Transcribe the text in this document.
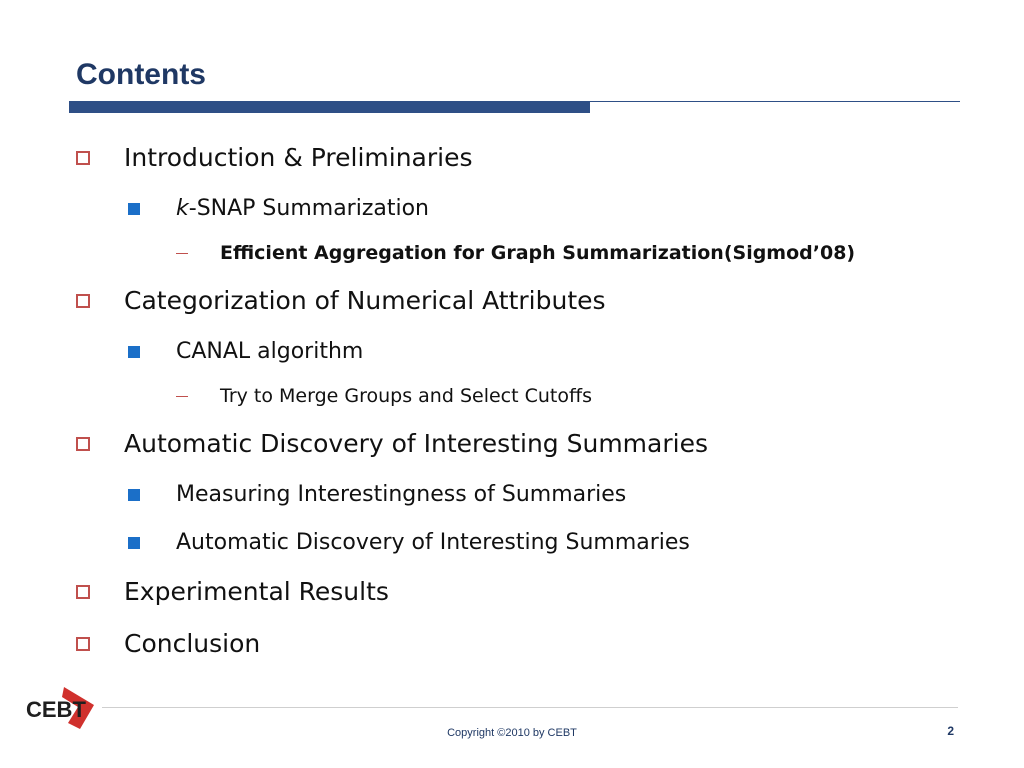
Contents
Introduction & Preliminaries
k-SNAP Summarization
Efficient Aggregation for Graph Summarization(Sigmod’08)
Categorization of Numerical Attributes
CANAL algorithm
Try to Merge Groups and Select Cutoffs
Automatic Discovery of Interesting Summaries
Measuring Interestingness of Summaries
Automatic Discovery of Interesting Summaries
Experimental Results
Conclusion
CEBT
Copyright ©2010 by CEBT	2
